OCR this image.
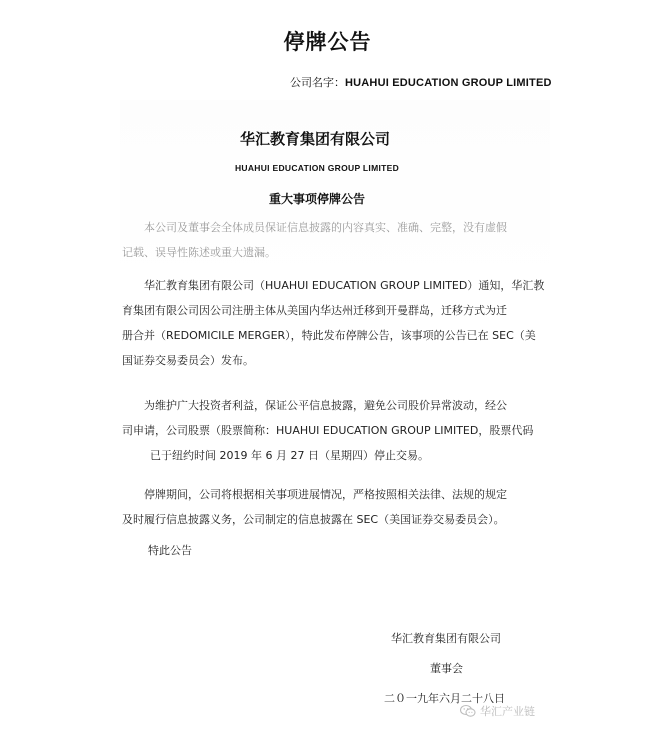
停牌公告
公司名字：HUAHUI EDUCATION GROUP LIMITED
华汇教育集团有限公司
HUAHUI EDUCATION GROUP LIMITED
重大事项停牌公告
本公司及董事会全体成员保证信息披露的内容真实、准确、完整，没有虚假
记载、误导性陈述或重大遗漏。
华汇教育集团有限公司（HUAHUI EDUCATION GROUP LIMITED）通知，华汇教
育集团有限公司因公司注册主体从美国内华达州迁移到开曼群岛，迁移方式为迁
册合并（REDOMICILE MERGER），特此发布停牌公告，该事项的公告已在 SEC（美
国证券交易委员会）发布。
为维护广大投资者利益，保证公平信息披露，避免公司股价异常波动，经公
司申请，公司股票（股票简称：HUAHUI EDUCATION GROUP LIMITED，股票代码
已于纽约时间 2019 年 6 月 27 日（星期四）停止交易。
停牌期间，公司将根据相关事项进展情况，严格按照相关法律、法规的规定
及时履行信息披露义务，公司制定的信息披露在 SEC（美国证券交易委员会）。
特此公告
华汇教育集团有限公司
董事会
二０一九年六月二十八日
华汇产业链
